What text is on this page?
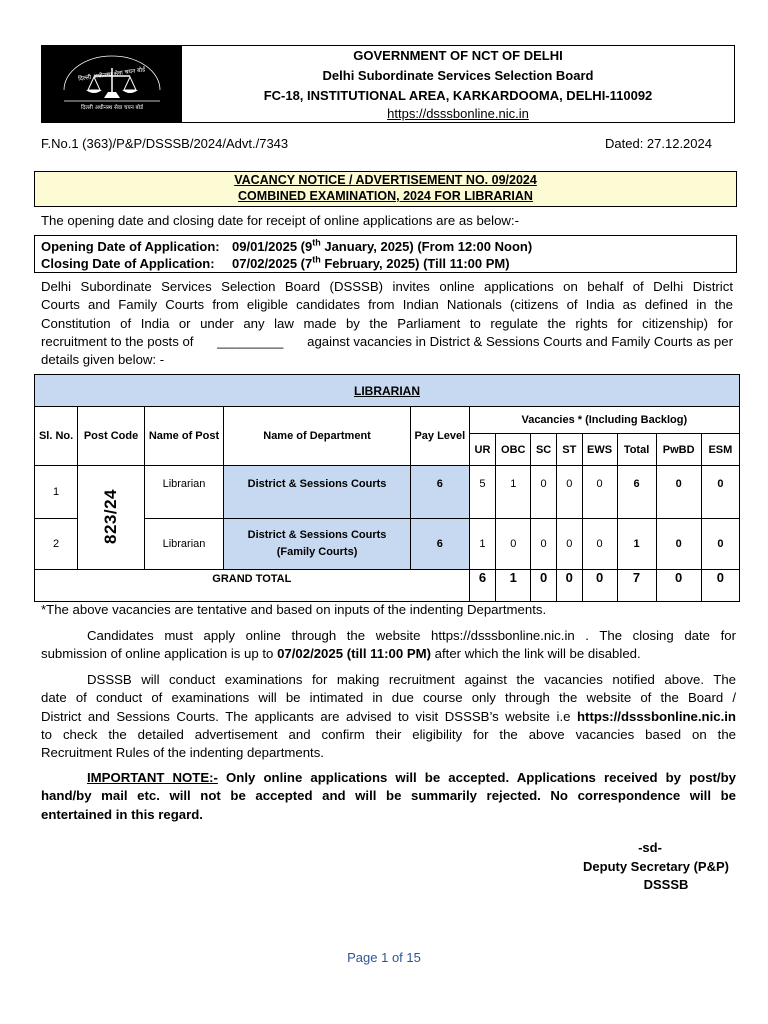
दिल्ली अधीनस्थ सेवा चयन बोर्ड
दिल्ली अधीनस्थ सेवा चयन बोर्ड
GOVERNMENT OF NCT OF DELHI
Delhi Subordinate Services Selection Board
FC-18, INSTITUTIONAL AREA, KARKARDOOMA, DELHI-110092
https://dsssbonline.nic.in
F.No.1 (363)/P&P/DSSSB/2024/Advt./7343	Dated: 27.12.2024
VACANCY NOTICE / ADVERTISEMENT NO. 09/2024
COMBINED EXAMINATION, 2024 FOR LIBRARIAN
The opening date and closing date for receipt of online applications are as below:-
Opening Date of Application: 09/01/2025 (9th January, 2025) (From 12:00 Noon)
Closing Date of Application: 07/02/2025 (7th February, 2025) (Till 11:00 PM)
Delhi Subordinate Services Selection Board (DSSSB) invites online applications on behalf of Delhi District
Courts and Family Courts from eligible candidates from Indian Nationals (citizens of India as defined in the
Constitution of India or under any law made by the Parliament to regulate the rights for citizenship) for
recruitment to the posts of _________ against vacancies in District & Sessions Courts and Family Courts as per
details given below: -
LIBRARIAN												
Sl. No.	Post Code	Name of Post	Name of Department	Pay Level	Vacancies * (Including Backlog)							
					UR	OBC	SC	ST	EWS	Total	PwBD	ESM
1	823/24	Librarian	District & Sessions Courts	6	5	1	0	0	0	6	0	0
2		Librarian	District & Sessions Courts
(Family Courts)	6	1	0	0	0	0	1	0	0
GRAND TOTAL					6	1	0	0	0	7	0	0
*The above vacancies are tentative and based on inputs of the indenting Departments.
Candidates must apply online through the website https://dsssbonline.nic.in . The closing date for
submission of online application is up to 07/02/2025 (till 11:00 PM) after which the link will be disabled.
DSSSB will conduct examinations for making recruitment against the vacancies notified above. The
date of conduct of examinations will be intimated in due course only through the website of the Board /
District and Sessions Courts. The applicants are advised to visit DSSSB’s website i.e https://dsssbonline.nic.in
to check the detailed advertisement and confirm their eligibility for the above vacancies based on the
Recruitment Rules of the indenting departments.
IMPORTANT NOTE:- Only online applications will be accepted. Applications received by post/by
hand/by mail etc. will not be accepted and will be summarily rejected. No correspondence will be
entertained in this regard.
-sd-
Deputy Secretary (P&P)
DSSSB
Page 1 of 15
